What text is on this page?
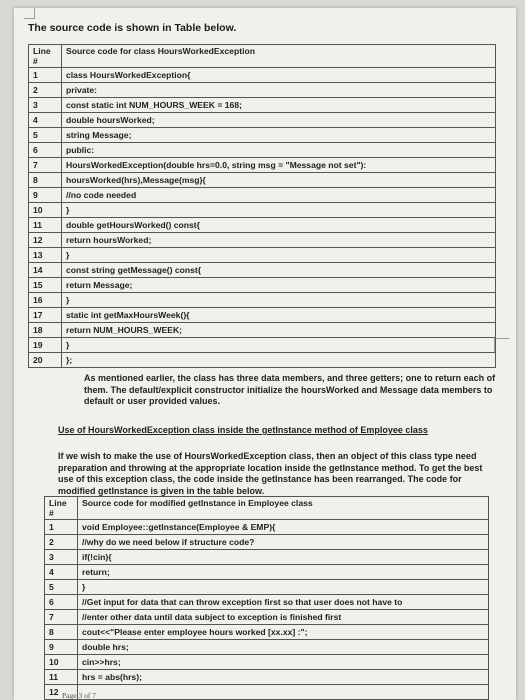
The source code is shown in Table below.
Line #	Source code for class HoursWorkedException
1	class HoursWorkedException{
2	private:
3	const static int NUM_HOURS_WEEK = 168;
4	double hoursWorked;
5	string Message;
6	public:
7	HoursWorkedException(double hrs=0.0, string msg = "Message not set"):
8	hoursWorked(hrs),Message(msg){
9	//no code needed
10	}
11	double getHoursWorked() const{
12	return hoursWorked;
13	}
14	const string getMessage() const{
15	return Message;
16	}
17	static int getMaxHoursWeek(){
18	return NUM_HOURS_WEEK;
19	}
20	};
As mentioned earlier, the class has three data members, and three getters; one to return each of them. The default/explicit constructor initialize the hoursWorked and Message data members to default or user provided values.
Use of HoursWorkedException class inside the getInstance method of Employee class
If we wish to make the use of HoursWorkedException class, then an object of this class type need preparation and throwing at the appropriate location inside the getInstance method. To get the best use of this exception class, the code inside the getInstance has been rearranged. The code for modified getInstance is given in the table below.
Line #	Source code for modified getInstance in Employee class
1	void Employee::getInstance(Employee & EMP){
2	//why do we need below if structure code?
3	if(!cin){
4	return;
5	}
6	//Get input for data that can throw exception first so that user does not have to
7	//enter other data until data subject to exception is finished first
8	cout<<"Please enter employee hours worked [xx.xx] :";
9	double hrs;
10	cin>>hrs;
11	hrs = abs(hrs);
12	Page 3 of 7
